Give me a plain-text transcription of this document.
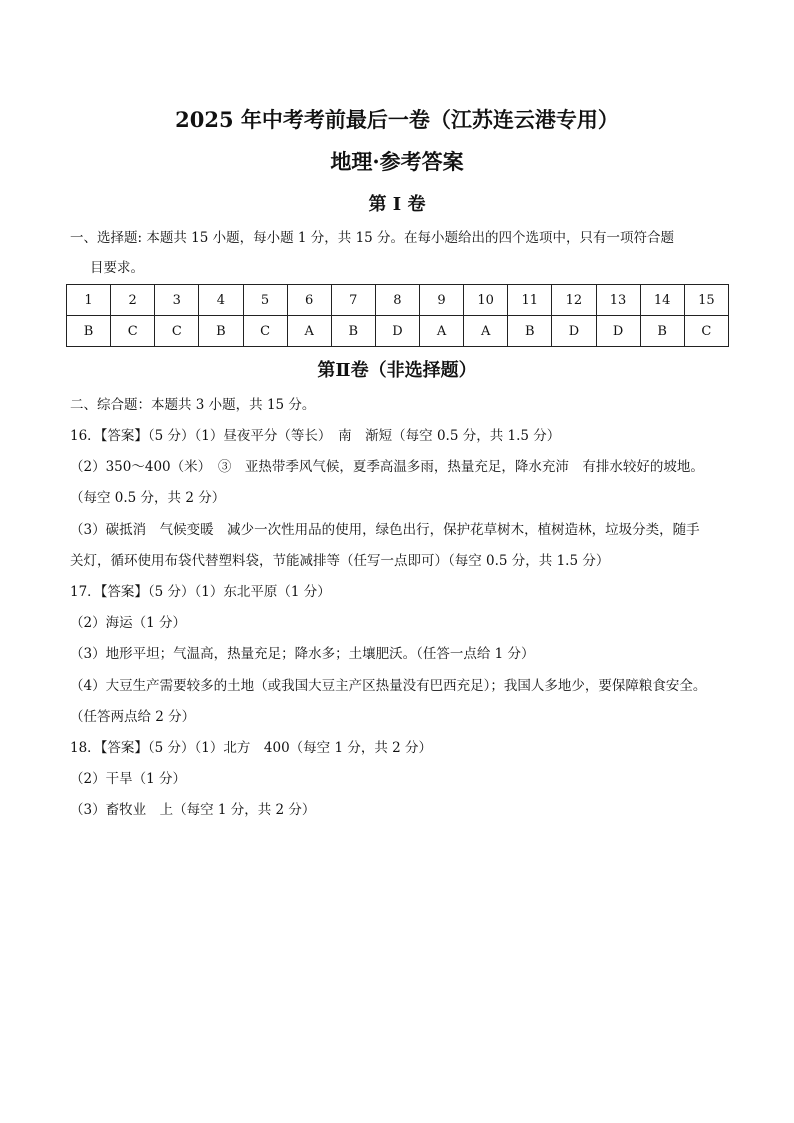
2025 年中考考前最后一卷（江苏连云港专用）
地理·参考答案
第 I 卷
一、选择题: 本题共 15 小题，每小题 1 分，共 15 分。在每小题给出的四个选项中，只有一项符合题
目要求。
1	2	3	4	5	6	7	8	9	10	11	12	13	14	15
B	C	C	B	C	A	B	D	A	A	B	D	D	B	C
第Ⅱ卷（非选择题）
二、综合题：本题共 3 小题，共 15 分。
16．【答案】（5 分）（1）昼夜平分（等长）　南　渐短（每空 0.5 分，共 1.5 分）
（2）350～400（米）　③　亚热带季风气候，夏季高温多雨，热量充足，降水充沛　有排水较好的坡地。
（每空 0.5 分，共 2 分）
（3）碳抵消　气候变暖　减少一次性用品的使用，绿色出行，保护花草树木，植树造林，垃圾分类，随手
关灯，循环使用布袋代替塑料袋，节能减排等（任写一点即可）（每空 0.5 分，共 1.5 分）
17．【答案】（5 分）（1）东北平原（1 分）
（2）海运（1 分）
（3）地形平坦；气温高，热量充足；降水多；土壤肥沃。（任答一点给 1 分）
（4）大豆生产需要较多的土地（或我国大豆主产区热量没有巴西充足）；我国人多地少，要保障粮食安全。
（任答两点给 2 分）
18．【答案】（5 分）（1）北方　400（每空 1 分，共 2 分）
（2）干旱（1 分）
（3）畜牧业　上（每空 1 分，共 2 分）
